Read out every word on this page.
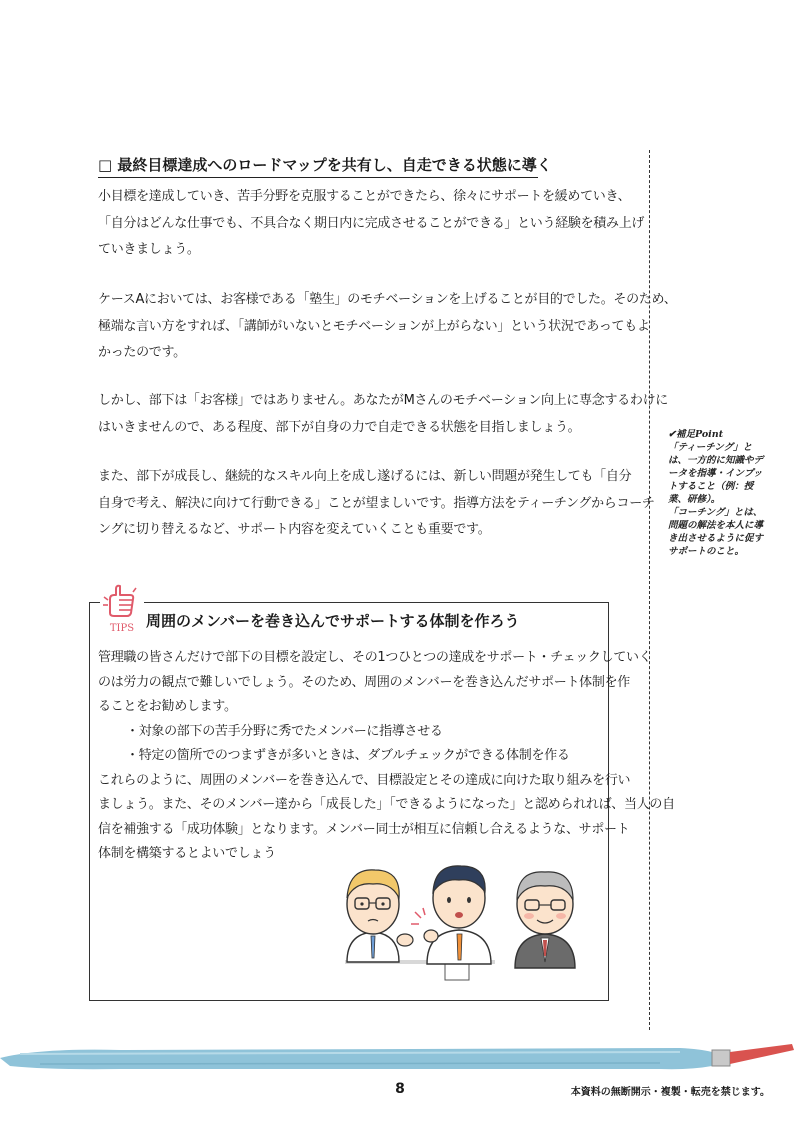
□ 最終目標達成へのロードマップを共有し、自走できる状態に導く

小目標を達成していき、苦手分野を克服することができたら、徐々にサポートを緩めていき、

「自分はどんな仕事でも、不具合なく期日内に完成させることができる」という経験を積み上げ

ていきましょう。

ケースAにおいては、お客様である「塾生」のモチベーションを上げることが目的でした。そのため、

極端な言い方をすれば、「講師がいないとモチベーションが上がらない」という状況であってもよ

かったのです。

しかし、部下は「お客様」ではありません。あなたがMさんのモチベーション向上に専念するわけに

はいきませんので、ある程度、部下が自身の力で自走できる状態を目指しましょう。

また、部下が成長し、継続的なスキル向上を成し遂げるには、新しい問題が発生しても「自分

自身で考え、解決に向けて行動できる」ことが望ましいです。指導方法をティーチングからコーチ

ングに切り替えるなど、サポート内容を変えていくことも重要です。

✔補足Point

「ティーチング」とは、一方的に知識やデータを指導・インプットすること（例：授業、研修）。

「コーチング」とは、問題の解法を本人に導き出させるように促すサポートのこと。

TIPS 周囲のメンバーを巻き込んでサポートする体制を作ろう

管理職の皆さんだけで部下の目標を設定し、その1つひとつの達成をサポート・チェックしていく

のは労力の観点で難しいでしょう。そのため、周囲のメンバーを巻き込んだサポート体制を作

ることをお勧めします。

・対象の部下の苦手分野に秀でたメンバーに指導させる

・特定の箇所でのつまずきが多いときは、ダブルチェックができる体制を作る

これらのように、周囲のメンバーを巻き込んで、目標設定とその達成に向けた取り組みを行い

ましょう。また、そのメンバー達から「成長した」「できるようになった」と認められれば、当人の自

信を補強する「成功体験」となります。メンバー同士が相互に信頼し合えるような、サポート

体制を構築するとよいでしょう

8	本資料の無断開示・複製・転売を禁じます。
